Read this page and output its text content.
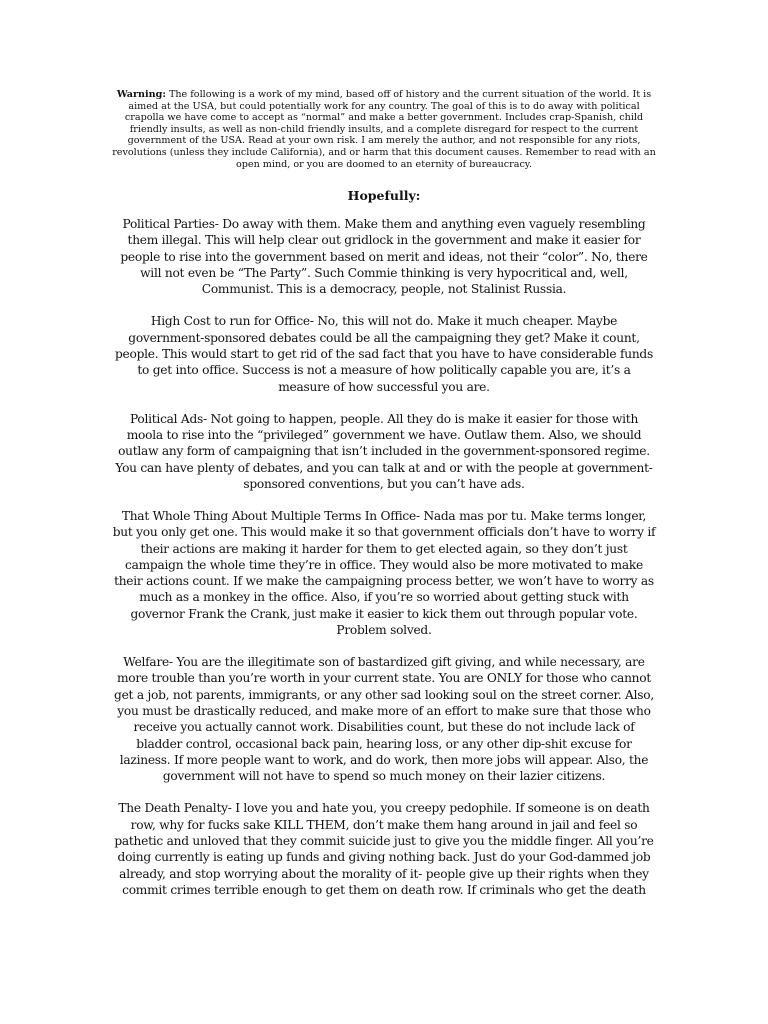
Warning: The following is a work of my mind, based off of history and the current situation of the world. It is aimed at the USA, but could potentially work for any country. The goal of this is to do away with political crapolla we have come to accept as “normal” and make a better government. Includes crap-Spanish, child friendly insults, as well as non-child friendly insults, and a complete disregard for respect to the current government of the USA. Read at your own risk. I am merely the author, and not responsible for any riots, revolutions (unless they include California), and or harm that this document causes. Remember to read with an open mind, or you are doomed to an eternity of bureaucracy.

Hopefully:

Political Parties- Do away with them. Make them and anything even vaguely resembling them illegal. This will help clear out gridlock in the government and make it easier for people to rise into the government based on merit and ideas, not their “color”. No, there will not even be “The Party”. Such Commie thinking is very hypocritical and, well, Communist. This is a democracy, people, not Stalinist Russia.

High Cost to run for Office- No, this will not do. Make it much cheaper. Maybe government-sponsored debates could be all the campaigning they get? Make it count, people. This would start to get rid of the sad fact that you have to have considerable funds to get into office. Success is not a measure of how politically capable you are, it’s a measure of how successful you are.

Political Ads- Not going to happen, people. All they do is make it easier for those with moola to rise into the “privileged” government we have. Outlaw them. Also, we should outlaw any form of campaigning that isn’t included in the government-sponsored regime. You can have plenty of debates, and you can talk at and or with the people at government-sponsored conventions, but you can’t have ads.

That Whole Thing About Multiple Terms In Office- Nada mas por tu. Make terms longer, but you only get one. This would make it so that government officials don’t have to worry if their actions are making it harder for them to get elected again, so they don’t just campaign the whole time they’re in office. They would also be more motivated to make their actions count. If we make the campaigning process better, we won’t have to worry as much as a monkey in the office. Also, if you’re so worried about getting stuck with governor Frank the Crank, just make it easier to kick them out through popular vote. Problem solved.

Welfare- You are the illegitimate son of bastardized gift giving, and while necessary, are more trouble than you’re worth in your current state. You are ONLY for those who cannot get a job, not parents, immigrants, or any other sad looking soul on the street corner. Also, you must be drastically reduced, and make more of an effort to make sure that those who receive you actually cannot work. Disabilities count, but these do not include lack of bladder control, occasional back pain, hearing loss, or any other dip-shit excuse for laziness. If more people want to work, and do work, then more jobs will appear. Also, the government will not have to spend so much money on their lazier citizens.

The Death Penalty- I love you and hate you, you creepy pedophile. If someone is on death row, why for fucks sake KILL THEM, don’t make them hang around in jail and feel so pathetic and unloved that they commit suicide just to give you the middle finger. All you’re doing currently is eating up funds and giving nothing back. Just do your God-dammed job already, and stop worrying about the morality of it- people give up their rights when they commit crimes terrible enough to get them on death row. If criminals who get the death
